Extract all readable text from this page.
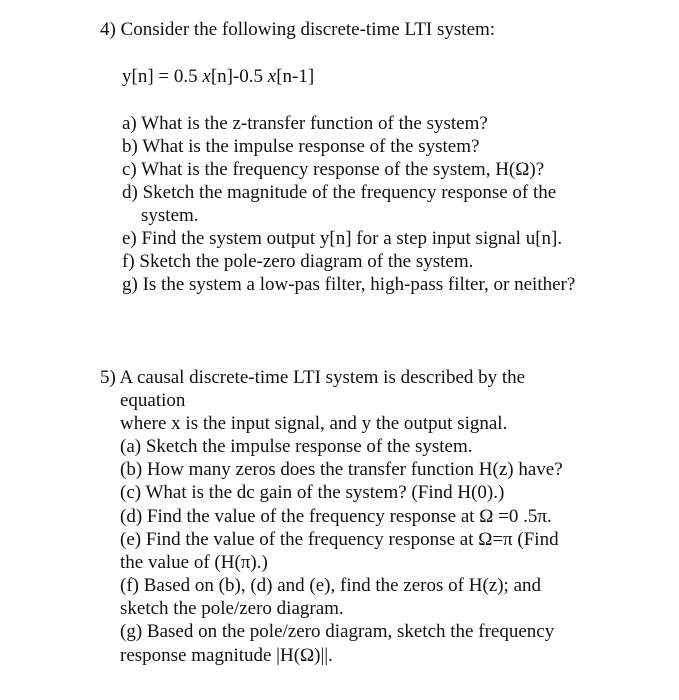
4) Consider the following discrete-time LTI system:
y[n] = 0.5 x[n]-0.5 x[n-1]
a) What is the z-transfer function of the system?
b) What is the impulse response of the system?
c) What is the frequency response of the system, H(Ω)?
d) Sketch the magnitude of the frequency response of the
system.
e) Find the system output y[n] for a step input signal u[n].
f) Sketch the pole-zero diagram of the system.
g) Is the system a low-pas filter, high-pass filter, or neither?
5) A causal discrete-time LTI system is described by the
equation
where x is the input signal, and y the output signal.
(a) Sketch the impulse response of the system.
(b) How many zeros does the transfer function H(z) have?
(c) What is the dc gain of the system? (Find H(0).)
(d) Find the value of the frequency response at Ω =0 .5π.
(e) Find the value of the frequency response at Ω=π (Find
the value of (H(π).)
(f) Based on (b), (d) and (e), find the zeros of H(z); and
sketch the pole/zero diagram.
(g) Based on the pole/zero diagram, sketch the frequency
response magnitude |H(Ω)||.
